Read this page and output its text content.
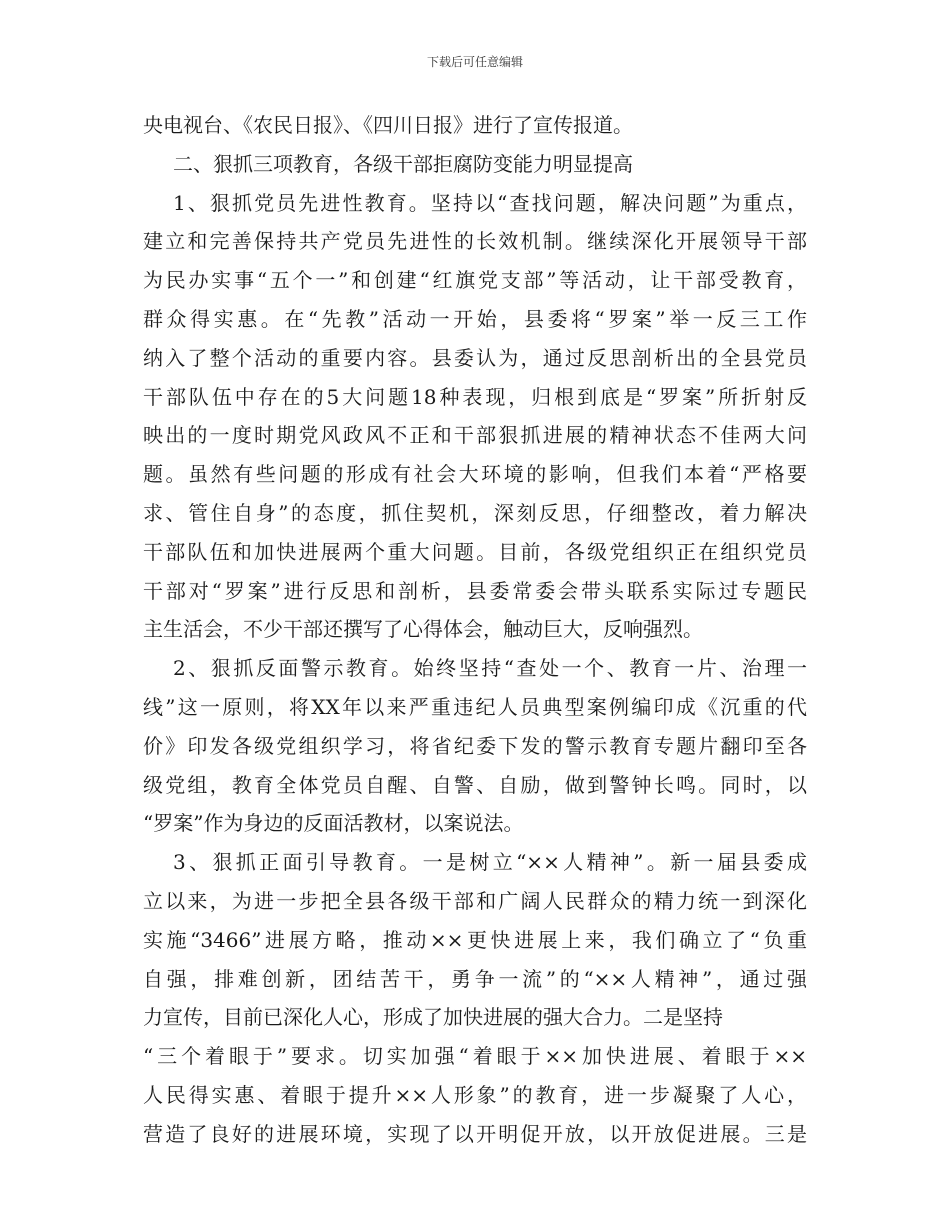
下载后可任意编辑
央电视台、《农民日报》、《四川日报》进行了宣传报道。
二、狠抓三项教育，各级干部拒腐防变能力明显提高
1、狠抓党员先进性教育。坚持以“查找问题，解决问题”为重点，
建立和完善保持共产党员先进性的长效机制。继续深化开展领导干部
为民办实事“五个一”和创建“红旗党支部”等活动，让干部受教育，
群众得实惠。在“先教”活动一开始，县委将“罗案”举一反三工作
纳入了整个活动的重要内容。县委认为，通过反思剖析出的全县党员
干部队伍中存在的5大问题18种表现，归根到底是“罗案”所折射反
映出的一度时期党风政风不正和干部狠抓进展的精神状态不佳两大问
题。虽然有些问题的形成有社会大环境的影响，但我们本着“严格要
求、管住自身”的态度，抓住契机，深刻反思，仔细整改，着力解决
干部队伍和加快进展两个重大问题。目前，各级党组织正在组织党员
干部对“罗案”进行反思和剖析，县委常委会带头联系实际过专题民
主生活会，不少干部还撰写了心得体会，触动巨大，反响强烈。
2、狠抓反面警示教育。始终坚持“查处一个、教育一片、治理一
线”这一原则，将XX年以来严重违纪人员典型案例编印成《沉重的代
价》印发各级党组织学习，将省纪委下发的警示教育专题片翻印至各
级党组，教育全体党员自醒、自警、自励，做到警钟长鸣。同时，以
“罗案”作为身边的反面活教材，以案说法。
3、狠抓正面引导教育。一是树立“××人精神”。新一届县委成
立以来，为进一步把全县各级干部和广阔人民群众的精力统一到深化
实施“3466”进展方略，推动××更快进展上来，我们确立了“负重
自强，排难创新，团结苦干，勇争一流”的“××人精神”，通过强
力宣传，目前已深化人心，形成了加快进展的强大合力。二是坚持
“三个着眼于”要求。切实加强“着眼于××加快进展、着眼于××
人民得实惠、着眼于提升××人形象”的教育，进一步凝聚了人心，
营造了良好的进展环境，实现了以开明促开放，以开放促进展。三是
